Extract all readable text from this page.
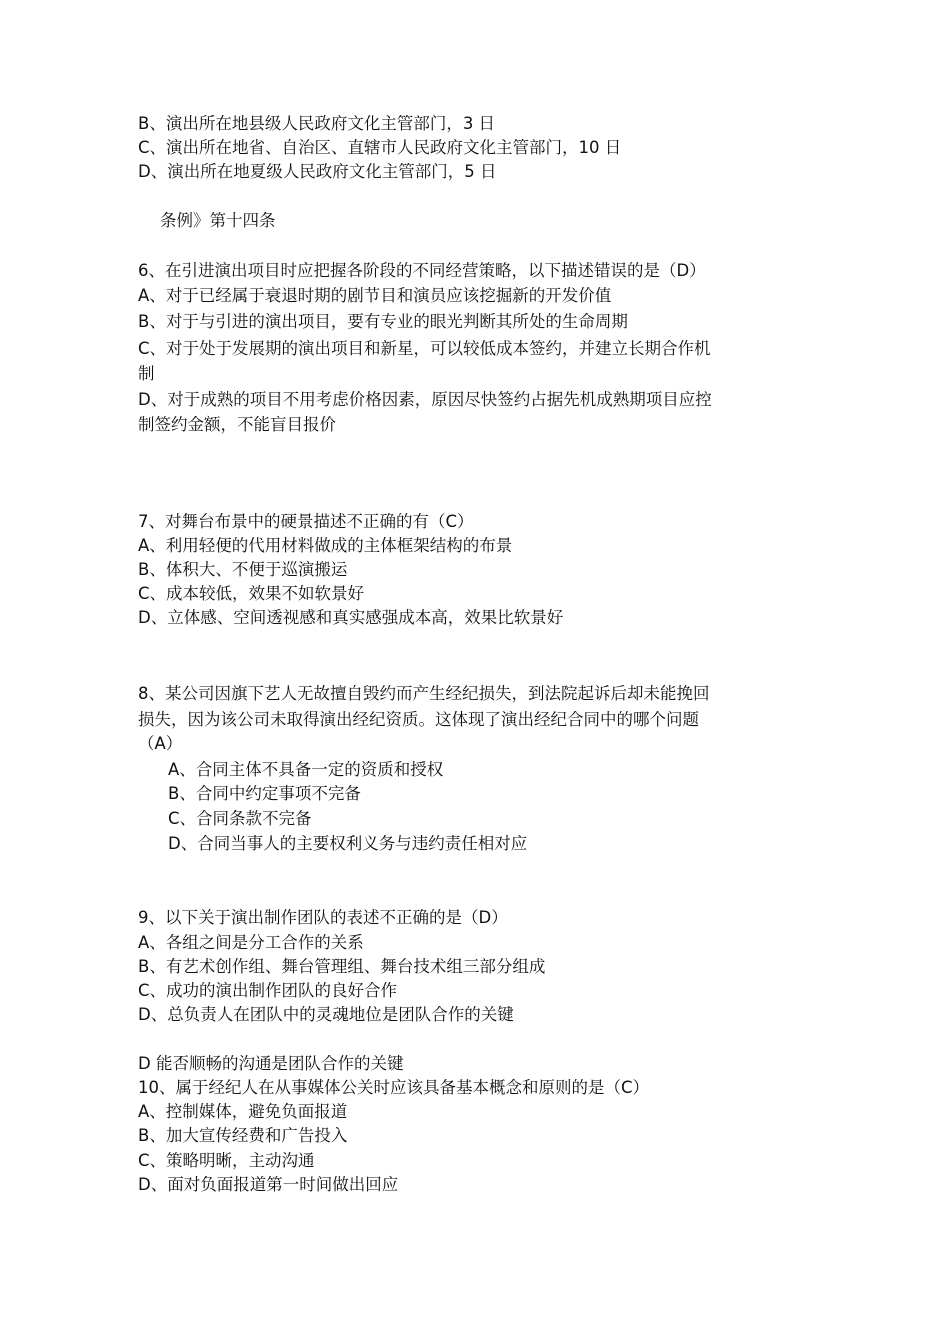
B、演出所在地县级人民政府文化主管部门，3 日
C、演出所在地省、自治区、直辖市人民政府文化主管部门，10 日
D、演出所在地夏级人民政府文化主管部门，5 日
条例》第十四条
6、在引进演出项目时应把握各阶段的不同经营策略，以下描述错误的是（D）
A、对于已经属于衰退时期的剧节目和演员应该挖掘新的开发价值
B、对于与引进的演出项目，要有专业的眼光判断其所处的生命周期
C、对于处于发展期的演出项目和新星，可以较低成本签约，并建立长期合作机
制
D、对于成熟的项目不用考虑价格因素，原因尽快签约占据先机成熟期项目应控
制签约金额，不能盲目报价
7、对舞台布景中的硬景描述不正确的有（C）
A、利用轻便的代用材料做成的主体框架结构的布景
B、体积大、不便于巡演搬运
C、成本较低，效果不如软景好
D、立体感、空间透视感和真实感强成本高，效果比软景好
8、某公司因旗下艺人无故擅自毁约而产生经纪损失，到法院起诉后却未能挽回
损失，因为该公司未取得演出经纪资质。这体现了演出经纪合同中的哪个问题
（A）
A、合同主体不具备一定的资质和授权
B、合同中约定事项不完备
C、合同条款不完备
D、合同当事人的主要权利义务与违约责任相对应
9、以下关于演出制作团队的表述不正确的是（D）
A、各组之间是分工合作的关系
B、有艺术创作组、舞台管理组、舞台技术组三部分组成
C、成功的演出制作团队的良好合作
D、总负责人在团队中的灵魂地位是团队合作的关键
D 能否顺畅的沟通是团队合作的关键
10、属于经纪人在从事媒体公关时应该具备基本概念和原则的是（C）
A、控制媒体，避免负面报道
B、加大宣传经费和广告投入
C、策略明晰，主动沟通
D、面对负面报道第一时间做出回应
